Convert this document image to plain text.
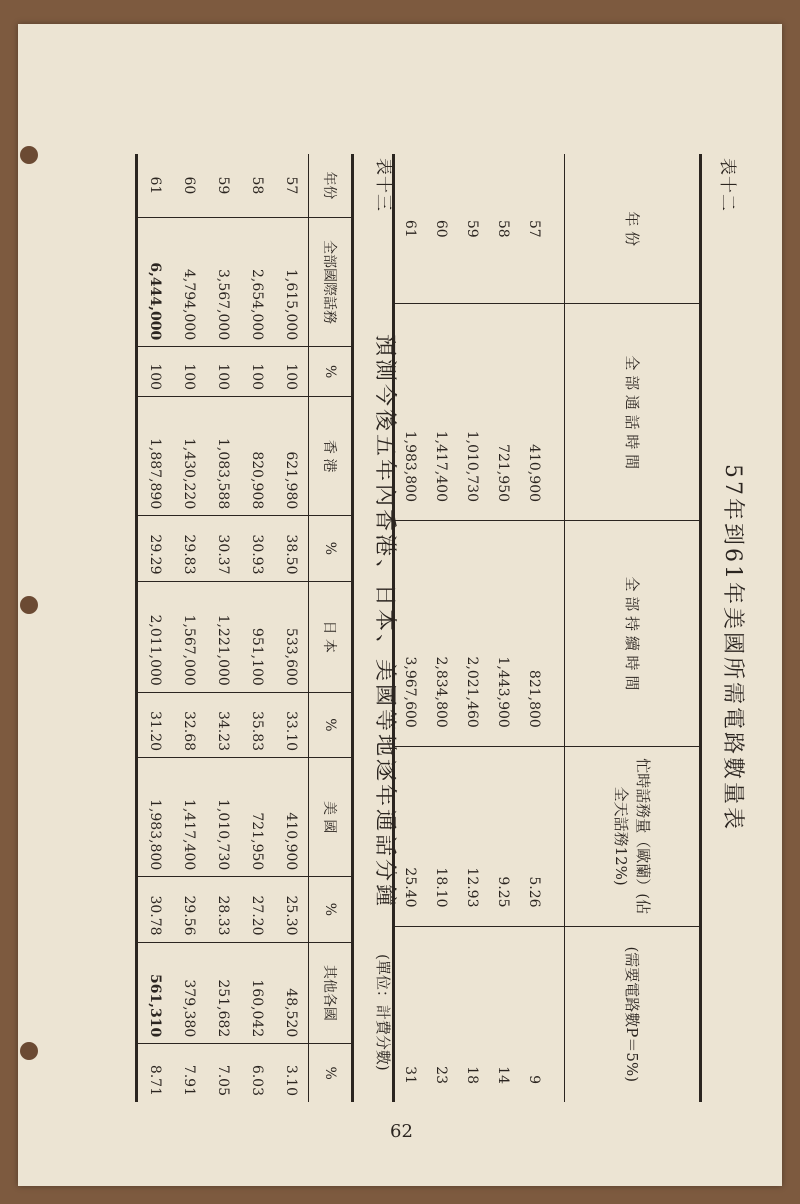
表十二
57年到61年美國所需電路數量表
年 份	全 部 通 話 時 間	全 部 持 續 時 間	忙時話務量（歐蘭）(佔全天話務12%)	(需要電路數P＝5%)
57	410,900	821,800	5.26	9
58	721,950	1,443,900	9.25	14
59	1,010,730	2,021,460	12.93	18
60	1,417,400	2,834,800	18.10	23
61	1,983,800	3,967,600	25.40	31
表十三
預測今後五年內香港、日本、美國等地逐年通話分鐘
(單位：計費分數)
年份	全部國際話務	%	香 港	%	日 本	%	美 國	%	其他各國	%
57	1,615,000	100	621,980	38.50	533,600	33.10	410,900	25.30	48,520	3.10
58	2,654,000	100	820,908	30.93	951,100	35.83	721,950	27.20	160,042	6.03
59	3,567,000	100	1,083,588	30.37	1,221,000	34.23	1,010,730	28.33	251,682	7.05
60	4,794,000	100	1,430,220	29.83	1,567,000	32.68	1,417,400	29.56	379,380	7.91
61	6,444,000	100	1,887,890	29.29	2,011,000	31.20	1,983,800	30.78	561,310	8.71
62
